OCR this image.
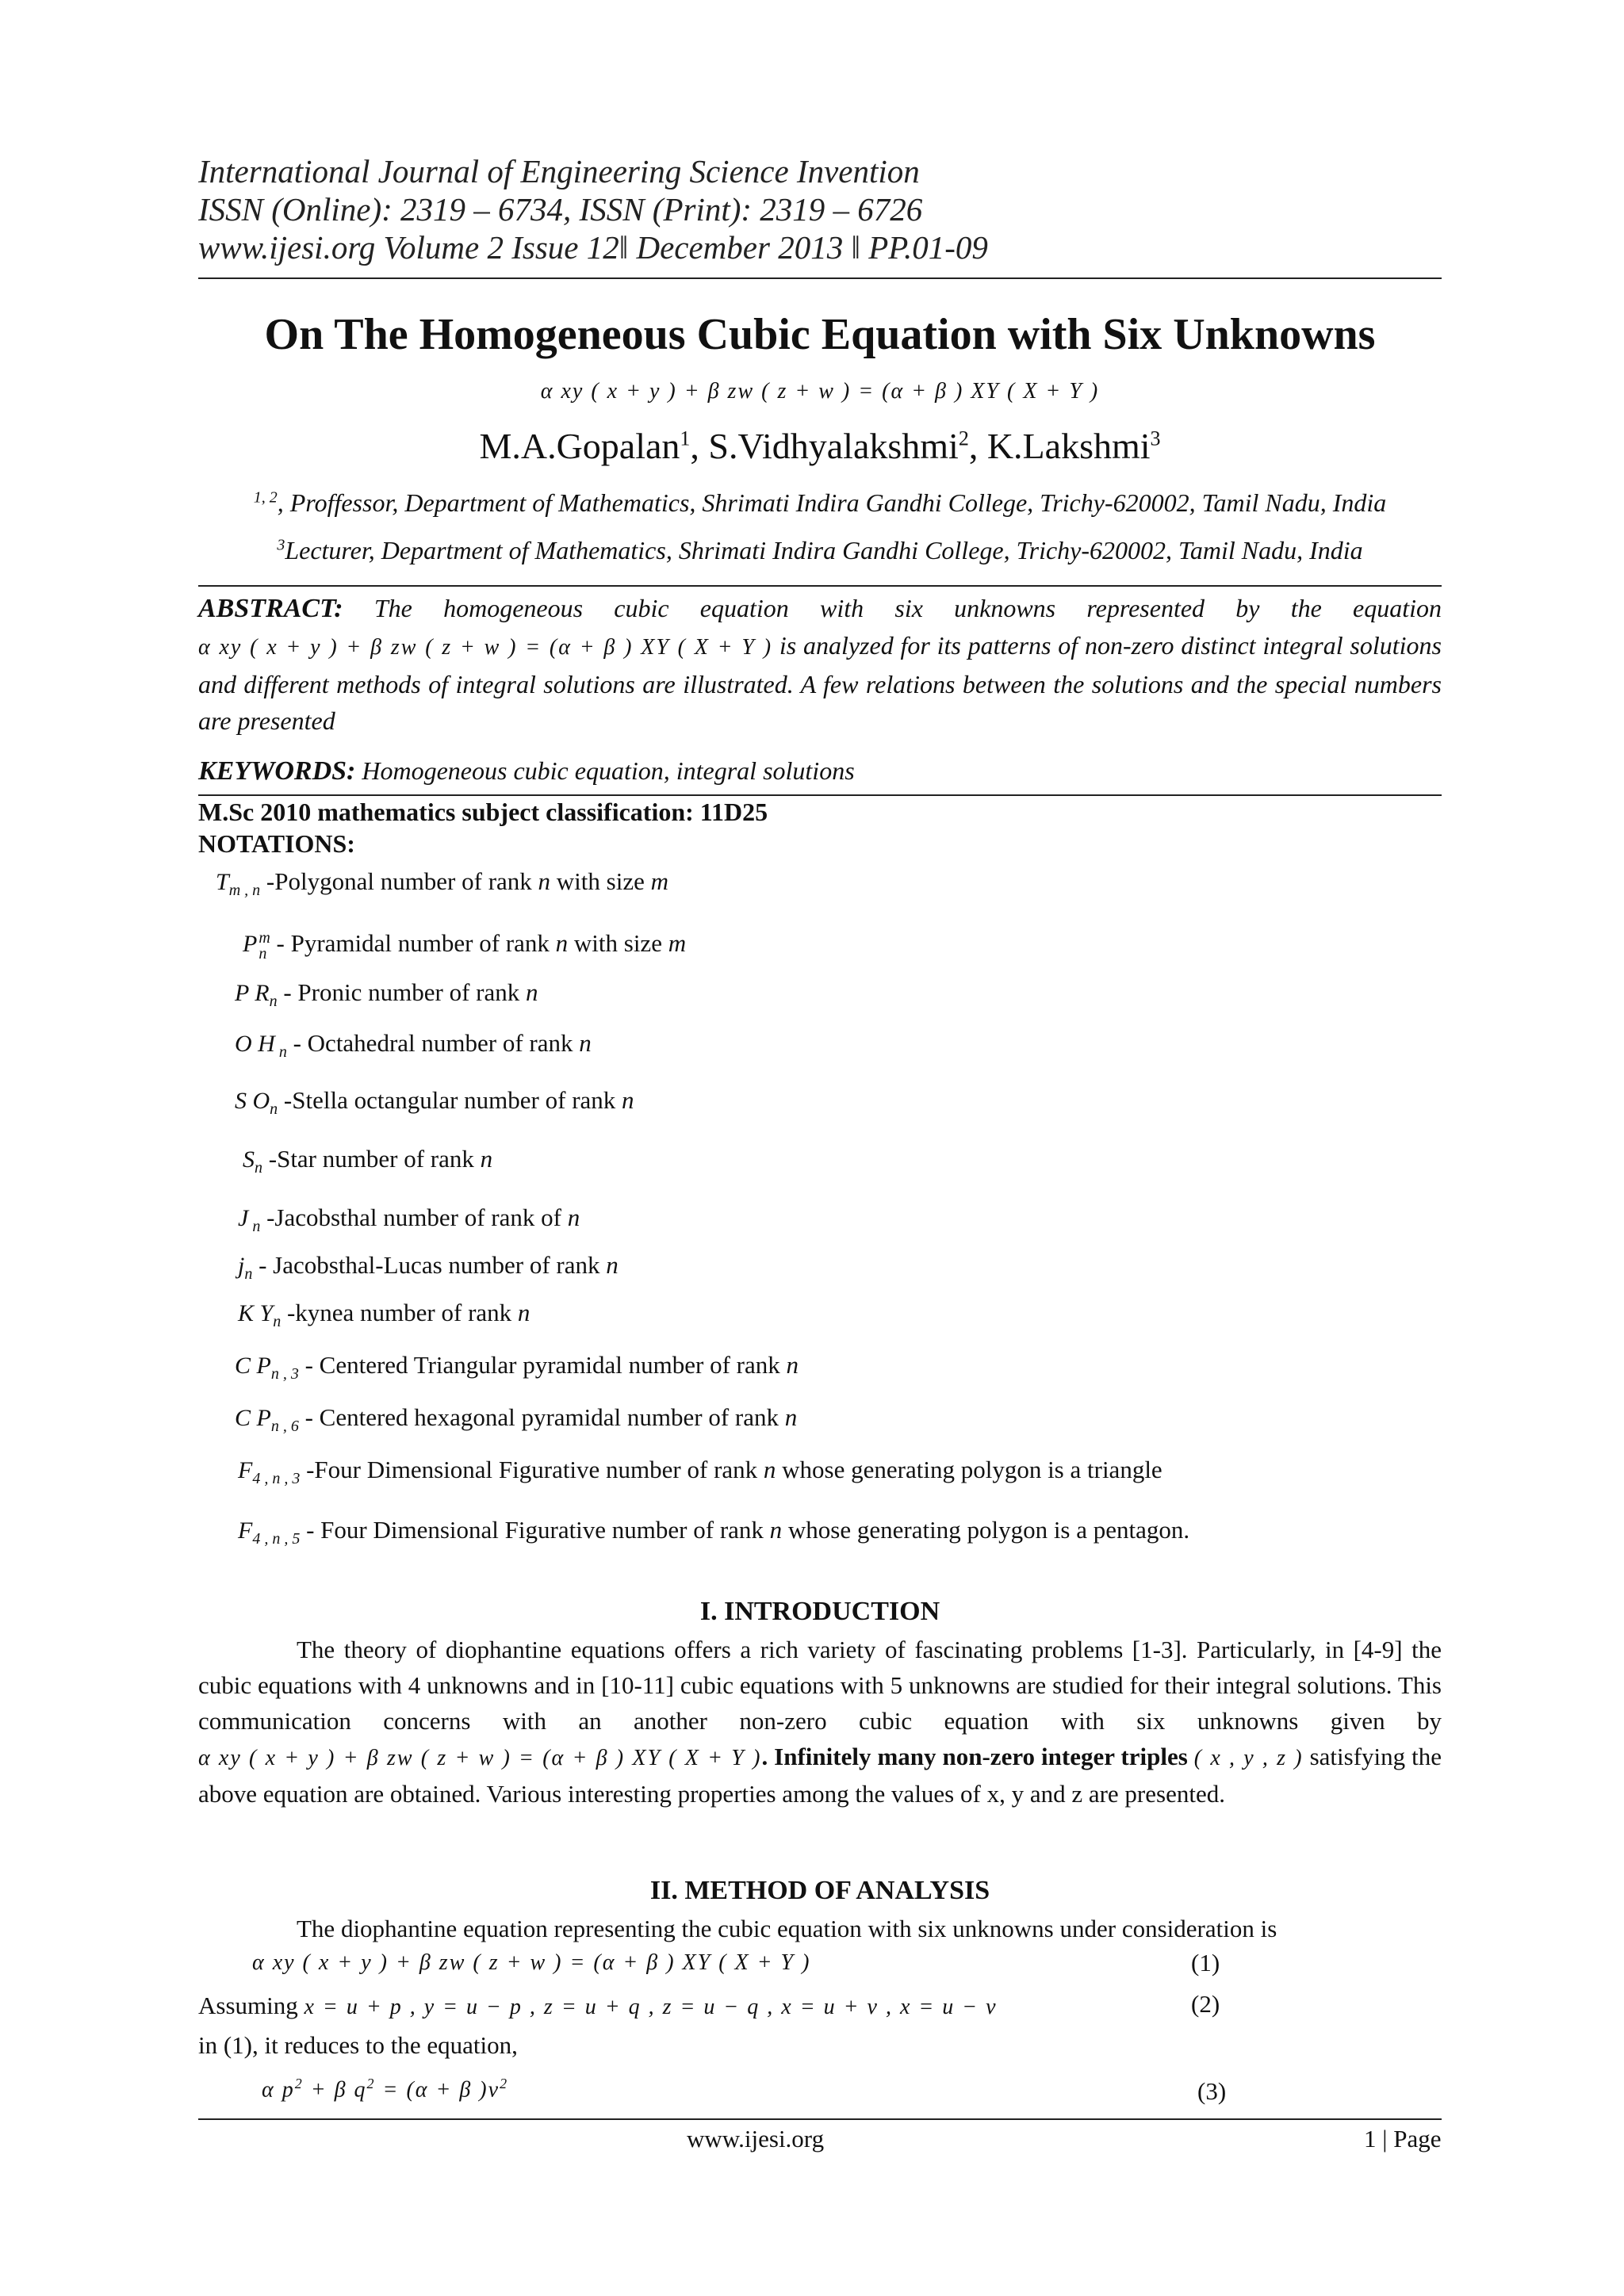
International Journal of Engineering Science Invention
ISSN (Online): 2319 – 6734, ISSN (Print): 2319 – 6726
www.ijesi.org Volume 2 Issue 12‖ December 2013 ‖ PP.01-09
On The Homogeneous Cubic Equation with Six Unknowns
α xy ( x + y ) + β zw ( z + w ) = (α + β ) XY ( X + Y )
M.A.Gopalan$^1$, S.Vidhyalakshmi$^2$, K.Lakshmi$^3$
$^{1, 2}$, Proffessor, Department of Mathematics, Shrimati Indira Gandhi College, Trichy-620002, Tamil Nadu, India
$^3$Lecturer, Department of Mathematics, Shrimati Indira Gandhi College, Trichy-620002, Tamil Nadu, India
ABSTRACT: The homogeneous cubic equation with six unknowns represented by the equation α xy ( x + y ) + β zw ( z + w ) = (α + β ) XY ( X + Y ) is analyzed for its patterns of non-zero distinct integral solutions and different methods of integral solutions are illustrated. A few relations between the solutions and the special numbers are presented
KEYWORDS: Homogeneous cubic equation, integral solutions
M.Sc 2010 mathematics subject classification: 11D25
NOTATIONS:
$T_{m , n}$ -Polygonal number of rank n with size m
P m
n - Pyramidal number of rank n with size m
P $R_n$ - Pronic number of rank n
O H $_n$ - Octahedral number of rank n
S $O_n$ -Stella octangular number of rank n
$S_n$ -Star number of rank n
J $_n$ -Jacobsthal number of rank of n
$j_n$ - Jacobsthal-Lucas number of rank n
K $Y_n$ -kynea number of rank n
C $P_{n , 3}$ - Centered Triangular pyramidal number of rank n
C $P_{n , 6}$ - Centered hexagonal pyramidal number of rank n
$F_{4 , n , 3}$ -Four Dimensional Figurative number of rank n whose generating polygon is a triangle
$F_{4 , n , 5}$ - Four Dimensional Figurative number of rank n whose generating polygon is a pentagon.
I. INTRODUCTION
The theory of diophantine equations offers a rich variety of fascinating problems [1-3]. Particularly, in [4-9] the cubic equations with 4 unknowns and in [10-11] cubic equations with 5 unknowns are studied for their integral solutions. This communication concerns with an another non-zero cubic equation with six unknowns given by α xy ( x + y ) + β zw ( z + w ) = (α + β ) XY ( X + Y ). Infinitely many non-zero integer triples ( x , y , z ) satisfying the above equation are obtained. Various interesting properties among the values of x, y and z are presented.
II. METHOD OF ANALYSIS
The diophantine equation representing the cubic equation with six unknowns under consideration is
α xy ( x + y ) + β zw ( z + w ) = (α + β ) XY ( X + Y )	(1)
Assuming x = u + p , y = u − p , z = u + q , z = u − q , x = u + v , x = u − v	(2)
in (1), it reduces to the equation,
α $p^2 + \beta$ $q^2 = (\alpha + \beta$ )$v^2$	(3)
www.ijesi.org	1 | Page
